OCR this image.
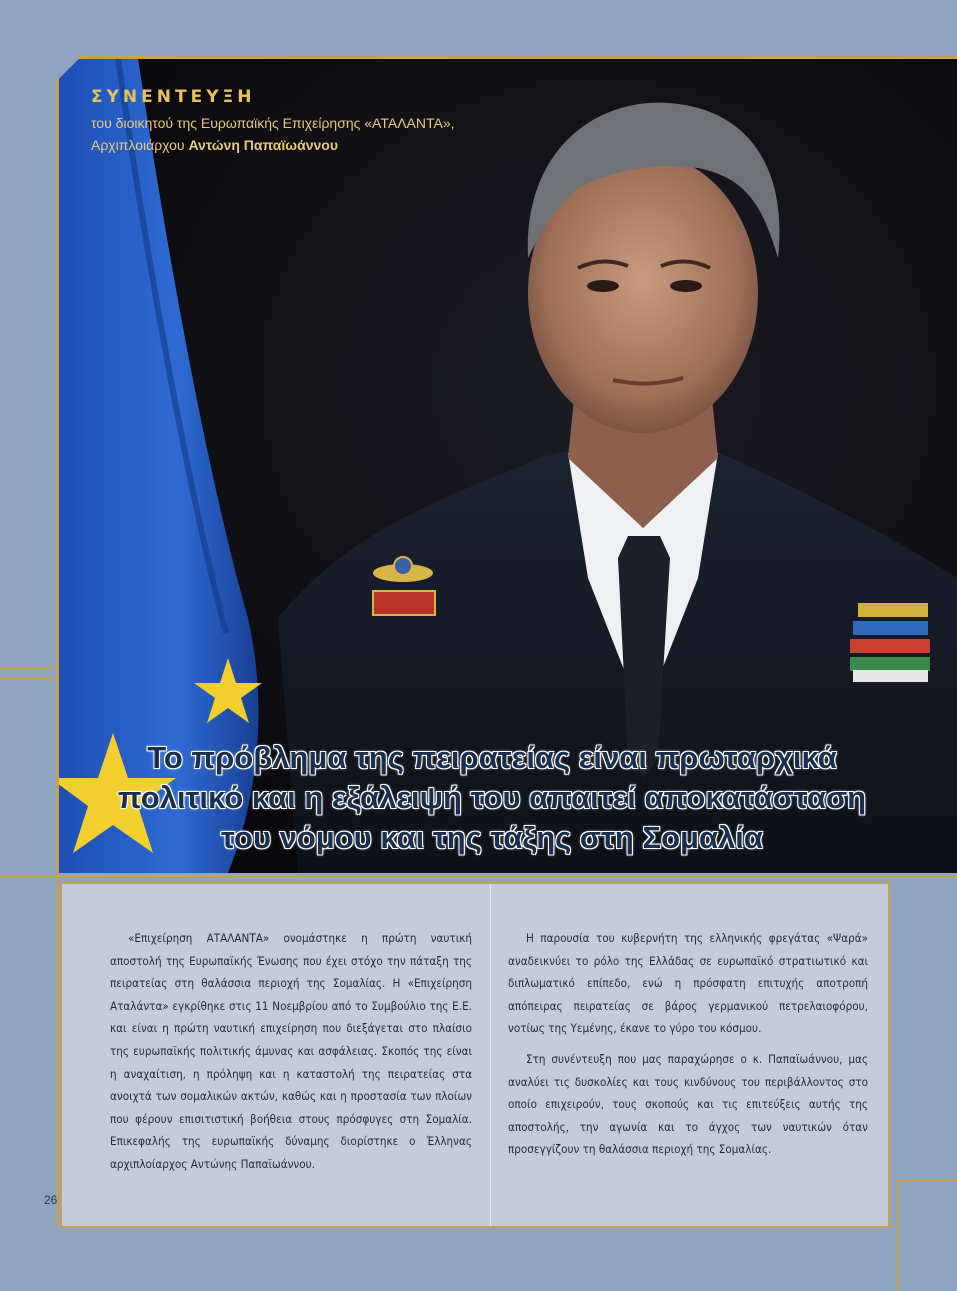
ΣΥΝΕΝΤΕΥΞΗ
του διοικητού της Ευρωπαϊκής Επιχείρησης «ΑΤΑΛΑΝΤΑ»,
Αρχιπλοιάρχου Αντώνη Παπαϊωάννου
Το πρόβλημα της πειρατείας είναι πρωταρχικά
πολιτικό και η εξάλειψή του απαιτεί αποκατάσταση
του νόμου και της τάξης στη Σομαλία

«Επιχείρηση ΑΤΑΛΑΝΤΑ» ονομάστηκε η πρώτη ναυτική αποστολή της Ευρωπαϊκής Ένωσης που έχει στόχο την πάταξη της πειρατείας στη θαλάσσια περιοχή της Σομαλίας. Η «Επιχείρηση Αταλάντα» εγκρίθηκε στις 11 Νοεμβρίου από το Συμβούλιο της Ε.Ε. και είναι η πρώτη ναυτική επιχείρηση που διεξάγεται στο πλαίσιο της ευρωπαϊκής πολιτικής άμυνας και ασφάλειας. Σκοπός της είναι η αναχαίτιση, η πρόληψη και η καταστολή της πειρατείας στα ανοιχτά των σομαλικών ακτών, καθώς και η προστασία των πλοίων που φέρουν επισιτιστική βοήθεια στους πρόσφυγες στη Σομαλία. Επικεφαλής της ευρωπαϊκής δύναμης διορίστηκε ο Έλληνας αρχιπλοίαρχος Αντώνης Παπαϊωάννου.

Η παρουσία του κυβερνήτη της ελληνικής φρεγάτας «Ψαρά» αναδεικνύει το ρόλο της Ελλάδας σε ευρωπαϊκό στρατιωτικό και διπλωματικό επίπεδο, ενώ η πρόσφατη επιτυχής αποτροπή απόπειρας πειρατείας σε βάρος γερμανικού πετρελαιοφόρου, νοτίως της Υεμένης, έκανε το γύρο του κόσμου.

Στη συνέντευξη που μας παραχώρησε ο κ. Παπαϊωάννου, μας αναλύει τις δυσκολίες και τους κινδύνους του περιβάλλοντος στο οποίο επιχειρούν, τους σκοπούς και τις επιτεύξεις αυτής της αποστολής, την αγωνία και το άγχος των ναυτικών όταν προσεγγίζουν τη θαλάσσια περιοχή της Σομαλίας.

26
